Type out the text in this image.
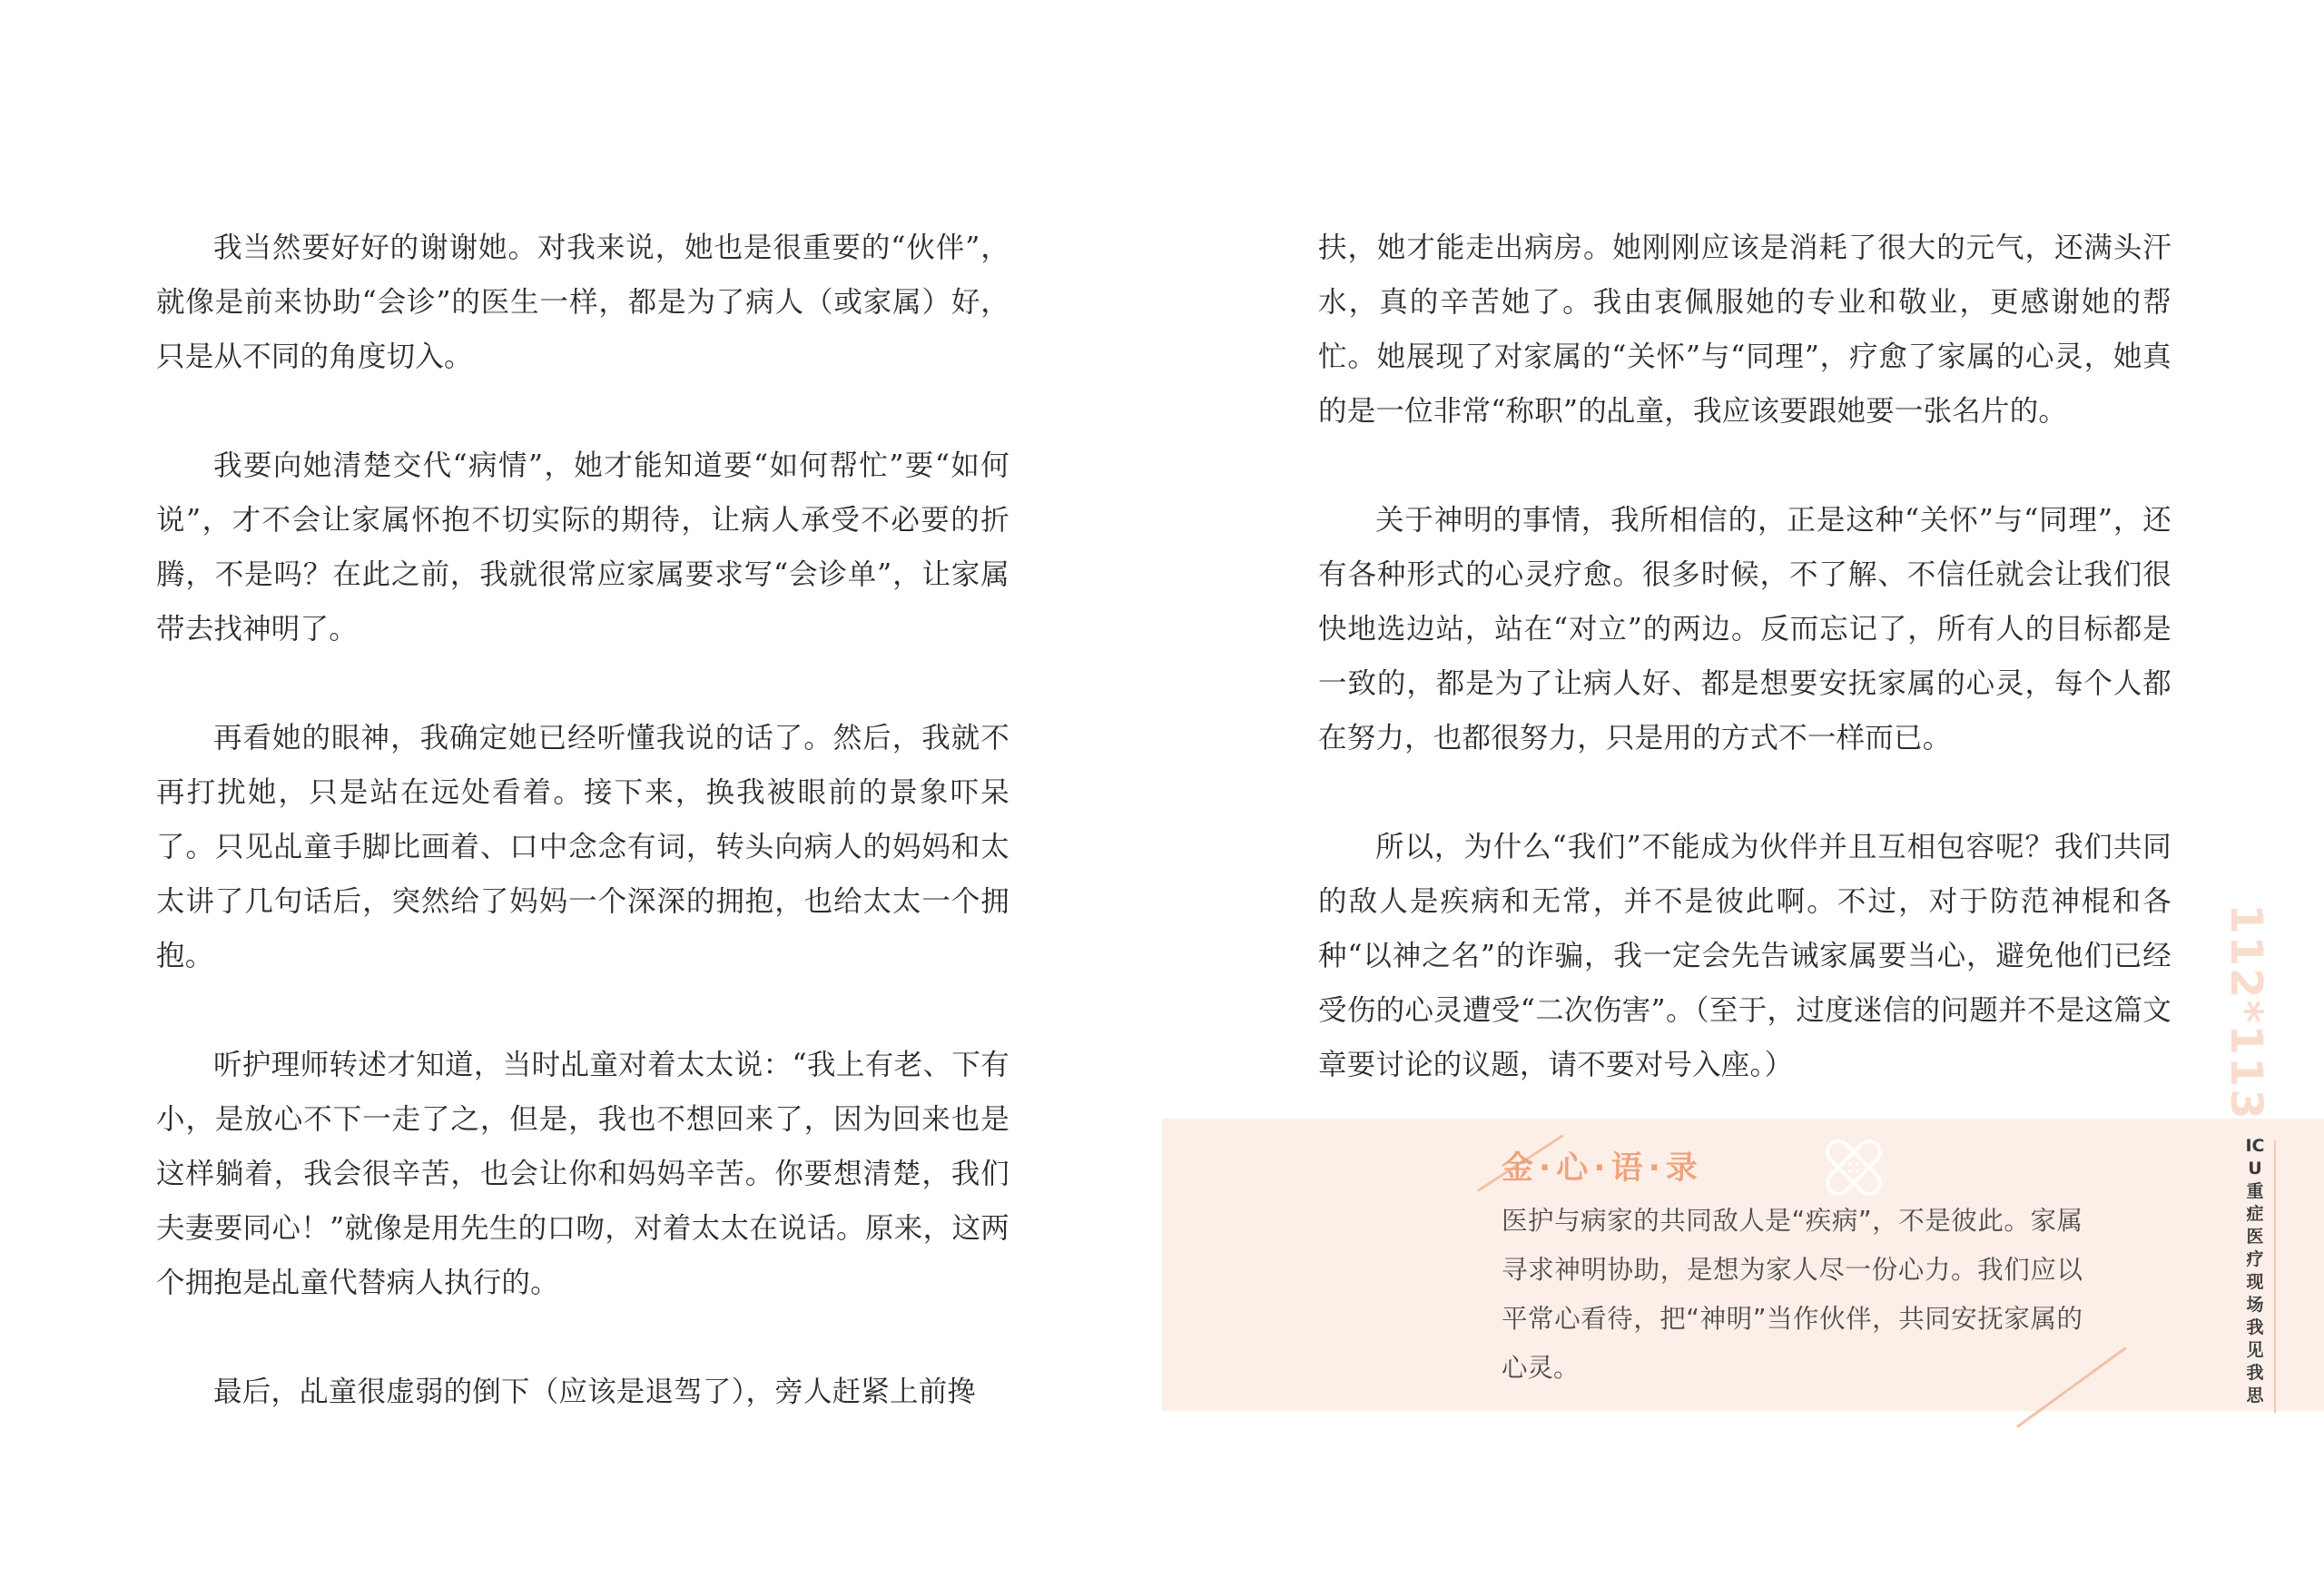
我当然要好好的谢谢她。对我来说，她也是很重要的“伙伴”，就像是前来协助“会诊”的医生一样，都是为了病人（或家属）好，只是从不同的角度切入。

我要向她清楚交代“病情”，她才能知道要“如何帮忙”要“如何说”，才不会让家属怀抱不切实际的期待，让病人承受不必要的折腾，不是吗？在此之前，我就很常应家属要求写“会诊单”，让家属带去找神明了。

再看她的眼神，我确定她已经听懂我说的话了。然后，我就不再打扰她，只是站在远处看着。接下来，换我被眼前的景象吓呆了。只见乩童手脚比画着、口中念念有词，转头向病人的妈妈和太太讲了几句话后，突然给了妈妈一个深深的拥抱，也给太太一个拥抱。

听护理师转述才知道，当时乩童对着太太说：“我上有老、下有小，是放心不下一走了之，但是，我也不想回来了，因为回来也是这样躺着，我会很辛苦，也会让你和妈妈辛苦。你要想清楚，我们夫妻要同心！”就像是用先生的口吻，对着太太在说话。原来，这两个拥抱是乩童代替病人执行的。

最后，乩童很虚弱的倒下（应该是退驾了），旁人赶紧上前搀

扶，她才能走出病房。她刚刚应该是消耗了很大的元气，还满头汗水，真的辛苦她了。我由衷佩服她的专业和敬业，更感谢她的帮忙。她展现了对家属的“关怀”与“同理”，疗愈了家属的心灵，她真的是一位非常“称职”的乩童，我应该要跟她要一张名片的。

关于神明的事情，我所相信的，正是这种“关怀”与“同理”，还有各种形式的心灵疗愈。很多时候，不了解、不信任就会让我们很快地选边站，站在“对立”的两边。反而忘记了，所有人的目标都是一致的，都是为了让病人好、都是想要安抚家属的心灵，每个人都在努力，也都很努力，只是用的方式不一样而已。

所以，为什么“我们”不能成为伙伴并且互相包容呢？我们共同的敌人是疾病和无常，并不是彼此啊。不过，对于防范神棍和各种“以神之名”的诈骗，我一定会先告诫家属要当心，避免他们已经受伤的心灵遭受“二次伤害”。（至于，过度迷信的问题并不是这篇文章要讨论的议题，请不要对号入座。）

金·心·语·录
医护与病家的共同敌人是“疾病”，不是彼此。家属寻求神明协助，是想为家人尽一份心力。我们应以平常心看待，把“神明”当作伙伴，共同安抚家属的心灵。
112*113
ICU重症医疗现场我见我思
